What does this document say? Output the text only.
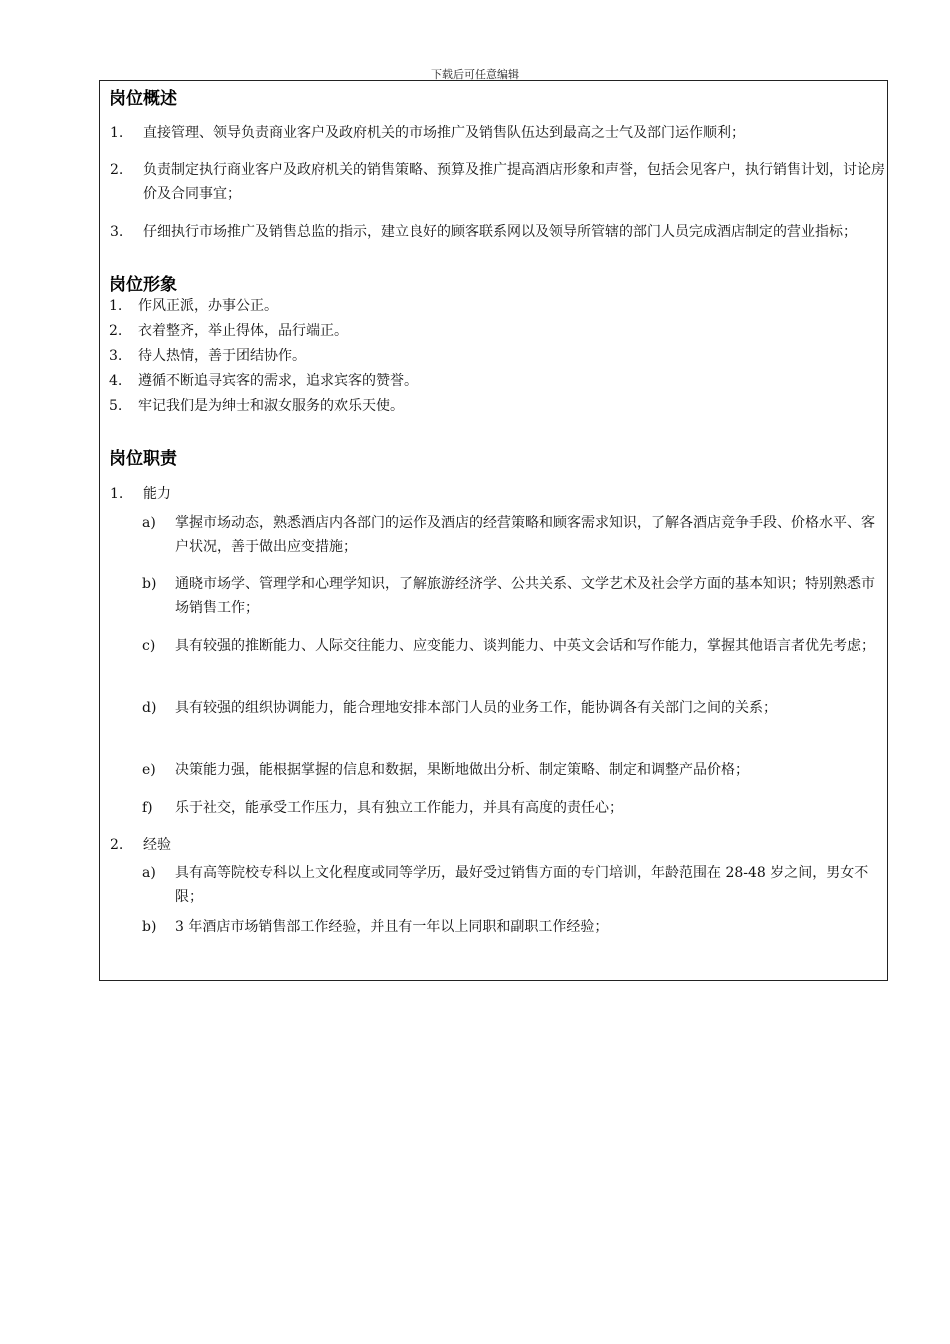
下载后可任意编辑
岗位概述
1. 直接管理、领导负责商业客户及政府机关的市场推广及销售队伍达到最高之士气及部门运作顺利；
2. 负责制定执行商业客户及政府机关的销售策略、预算及推广提高酒店形象和声誉，包括会见客户，执行销售计划，讨论房价及合同事宜；
3. 仔细执行市场推广及销售总监的指示，建立良好的顾客联系网以及领导所管辖的部门人员完成酒店制定的营业指标；
岗位形象
1. 作风正派，办事公正。
2. 衣着整齐，举止得体，品行端正。
3. 待人热情，善于团结协作。
4. 遵循不断追寻宾客的需求，追求宾客的赞誉。
5. 牢记我们是为绅士和淑女服务的欢乐天使。
岗位职责
1. 能力
a) 掌握市场动态，熟悉酒店内各部门的运作及酒店的经营策略和顾客需求知识，了解各酒店竞争手段、价格水平、客户状况，善于做出应变措施；
b) 通晓市场学、管理学和心理学知识，了解旅游经济学、公共关系、文学艺术及社会学方面的基本知识；特别熟悉市场销售工作；
c) 具有较强的推断能力、人际交往能力、应变能力、谈判能力、中英文会话和写作能力，掌握其他语言者优先考虑；
d) 具有较强的组织协调能力，能合理地安排本部门人员的业务工作，能协调各有关部门之间的关系；
e) 决策能力强，能根据掌握的信息和数据，果断地做出分析、制定策略、制定和调整产品价格；
f) 乐于社交，能承受工作压力，具有独立工作能力，并具有高度的责任心；
2. 经验
a) 具有高等院校专科以上文化程度或同等学历，最好受过销售方面的专门培训，年龄范围在 28-48 岁之间，男女不限；
b) 3 年酒店市场销售部工作经验，并且有一年以上同职和副职工作经验；
